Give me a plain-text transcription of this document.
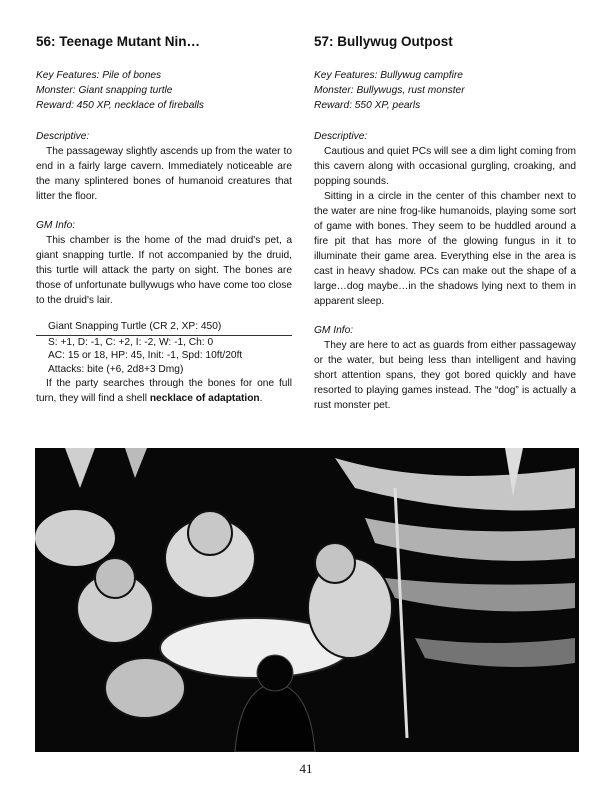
56: Teenage Mutant Nin…

Key Features: Pile of bones

Monster: Giant snapping turtle

Reward: 450 XP, necklace of fireballs

Descriptive:

The passageway slightly ascends up from the water to end in a fairly large cavern. Immediately noticeable are the many splintered bones of humanoid creatures that litter the floor.

GM Info:

This chamber is the home of the mad druid's pet, a giant snapping turtle. If not accompanied by the druid, this turtle will attack the party on sight. The bones are those of unfortunate bullywugs who have come too close to the druid's lair.

Giant Snapping Turtle (CR 2, XP: 450)
S: +1, D: -1, C: +2, I: -2, W: -1, Ch: 0
AC: 15 or 18, HP: 45, Init: -1, Spd: 10ft/20ft
Attacks: bite (+6, 2d8+3 Dmg)

If the party searches through the bones for one full turn, they will find a shell necklace of adaptation.

57: Bullywug Outpost

Key Features: Bullywug campfire

Monster: Bullywugs, rust monster

Reward: 550 XP, pearls

Descriptive:

Cautious and quiet PCs will see a dim light coming from this cavern along with occasional gurgling, croaking, and popping sounds.

Sitting in a circle in the center of this chamber next to the water are nine frog-like humanoids, playing some sort of game with bones. They seem to be huddled around a fire pit that has more of the glowing fungus in it to illuminate their game area. Everything else in the area is cast in heavy shadow. PCs can make out the shape of a large…dog maybe…in the shadows lying next to them in apparent sleep.

GM Info:

They are here to act as guards from either passageway or the water, but being less than intelligent and having short attention spans, they got bored quickly and have resorted to playing games instead. The “dog” is actually a rust monster pet.

41
